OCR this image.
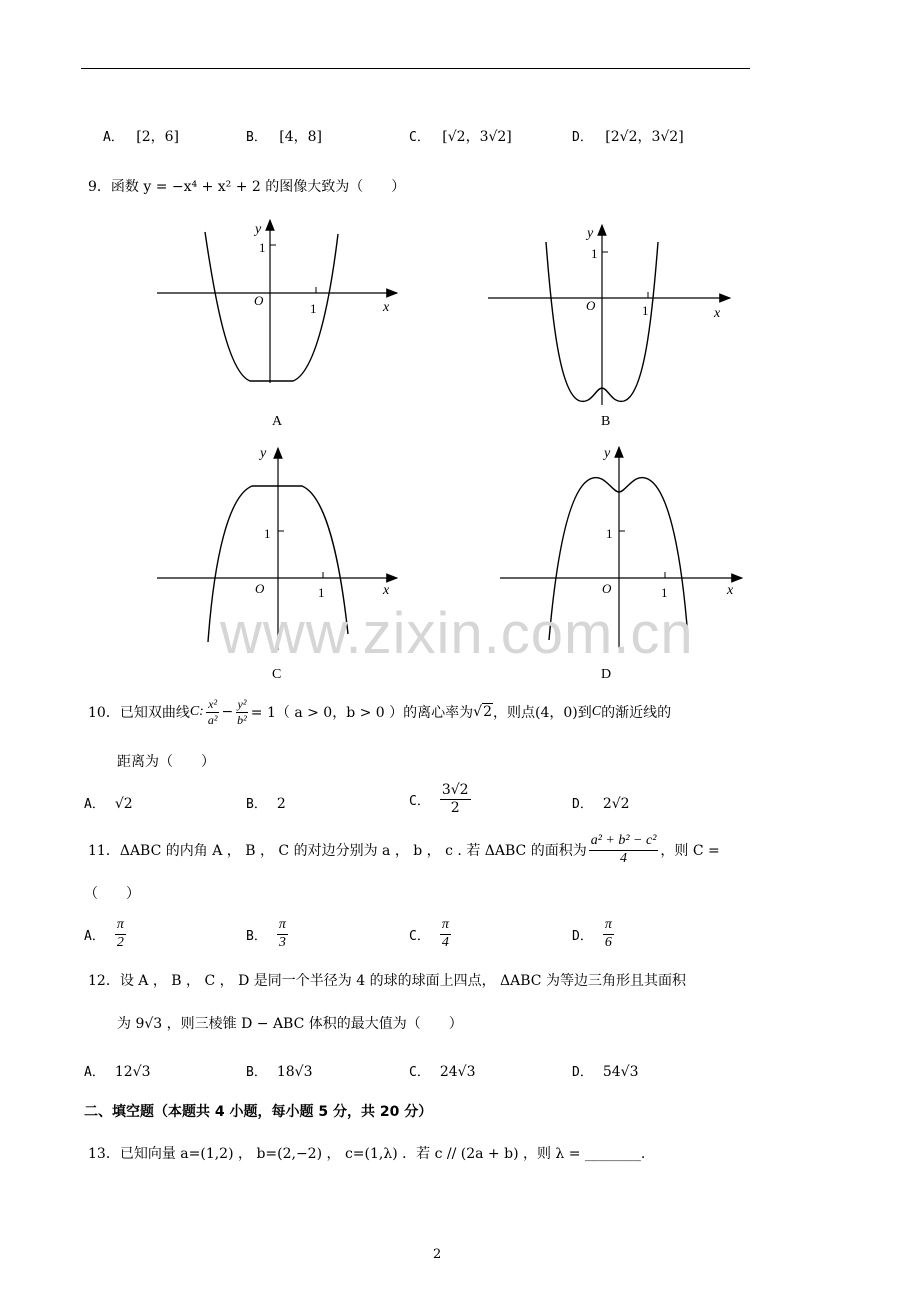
A． [2，6]	B． [4，8]	C． [√2，3√2]	D． [2√2，3√2]
9．函数 y = −x⁴ + x² + 2 的图像大致为（　　）
y
1
O
1	x
A
y
1
O	1	x
B
y
1
O	1	x
C
y
1
O	1	x
D
www.zixin.com.cn
10． 已知双曲线 C: $\frac{\text{x²}}{\text{a²}} - \frac{\text{y²}}{\text{b²}} = 1$（ a > 0，b > 0 ）的离心率为 √2 ，则点 (4，0) 到 C 的渐近线的
距离为（　　）
A． √2	B． 2	C． $\frac{3√2}{2}$	D． 2√2
11． ΔABC 的内角 A ， B ， C 的对边分别为 a ， b ， c . 若 ΔABC 的面积为 $\frac{\text{a² + b² − c²}}{4}$ ，则 C =
（　　）
A． $\frac{\pi}{2}$	B． $\frac{\pi}{3}$	C． $\frac{\pi}{4}$	D． $\frac{\pi}{6}$
12．设 A ， B ， C ， D 是同一个半径为 4 的球的球面上四点， ΔABC 为等边三角形且其面积
为 9√3 ，则三棱锥 D − ABC 体积的最大值为（　　）
A． 12√3	B． 18√3	C． 24√3	D． 54√3
二、填空题（本题共 4 小题，每小题 5 分，共 20 分）
13．已知向量 a=(1,2) ， b=(2,−2) ， c=(1,λ) ．若 c // (2a + b) ，则 λ = ________.
2
